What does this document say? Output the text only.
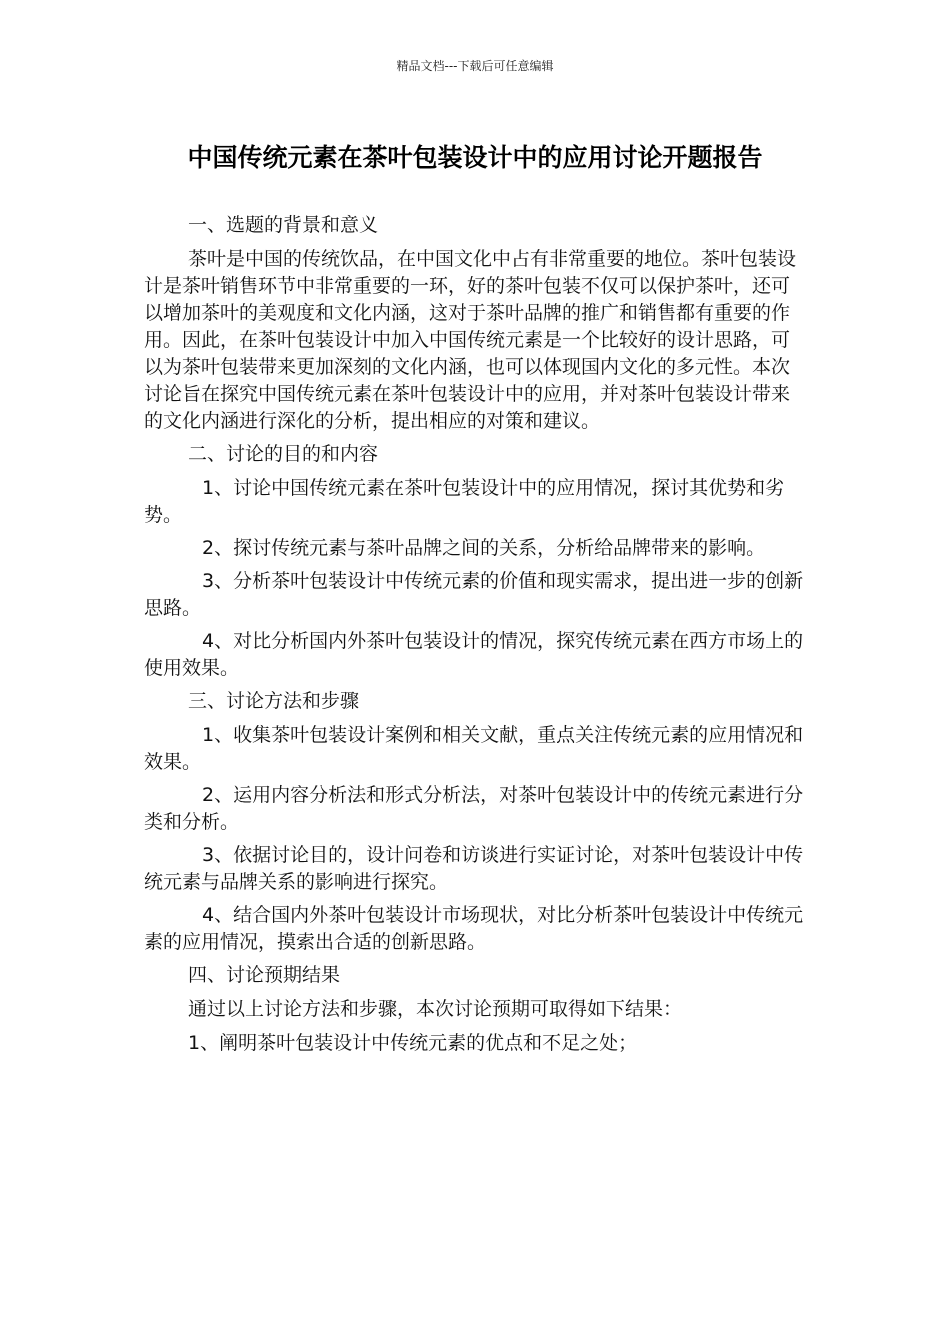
精品文档---下载后可任意编辑
中国传统元素在茶叶包装设计中的应用讨论开题报告

一、选题的背景和意义

茶叶是中国的传统饮品，在中国文化中占有非常重要的地位。茶叶包装设计是茶叶销售环节中非常重要的一环，好的茶叶包装不仅可以保护茶叶，还可以增加茶叶的美观度和文化内涵，这对于茶叶品牌的推广和销售都有重要的作用。因此，在茶叶包装设计中加入中国传统元素是一个比较好的设计思路，可以为茶叶包装带来更加深刻的文化内涵，也可以体现国内文化的多元性。本次讨论旨在探究中国传统元素在茶叶包装设计中的应用，并对茶叶包装设计带来的文化内涵进行深化的分析，提出相应的对策和建议。

二、讨论的目的和内容

1、讨论中国传统元素在茶叶包装设计中的应用情况，探讨其优势和劣势。

2、探讨传统元素与茶叶品牌之间的关系，分析给品牌带来的影响。

3、分析茶叶包装设计中传统元素的价值和现实需求，提出进一步的创新思路。

4、对比分析国内外茶叶包装设计的情况，探究传统元素在西方市场上的使用效果。

三、讨论方法和步骤

1、收集茶叶包装设计案例和相关文献，重点关注传统元素的应用情况和效果。

2、运用内容分析法和形式分析法，对茶叶包装设计中的传统元素进行分类和分析。

3、依据讨论目的，设计问卷和访谈进行实证讨论，对茶叶包装设计中传统元素与品牌关系的影响进行探究。

4、结合国内外茶叶包装设计市场现状，对比分析茶叶包装设计中传统元素的应用情况，摸索出合适的创新思路。

四、讨论预期结果

通过以上讨论方法和步骤，本次讨论预期可取得如下结果：

1、阐明茶叶包装设计中传统元素的优点和不足之处；
